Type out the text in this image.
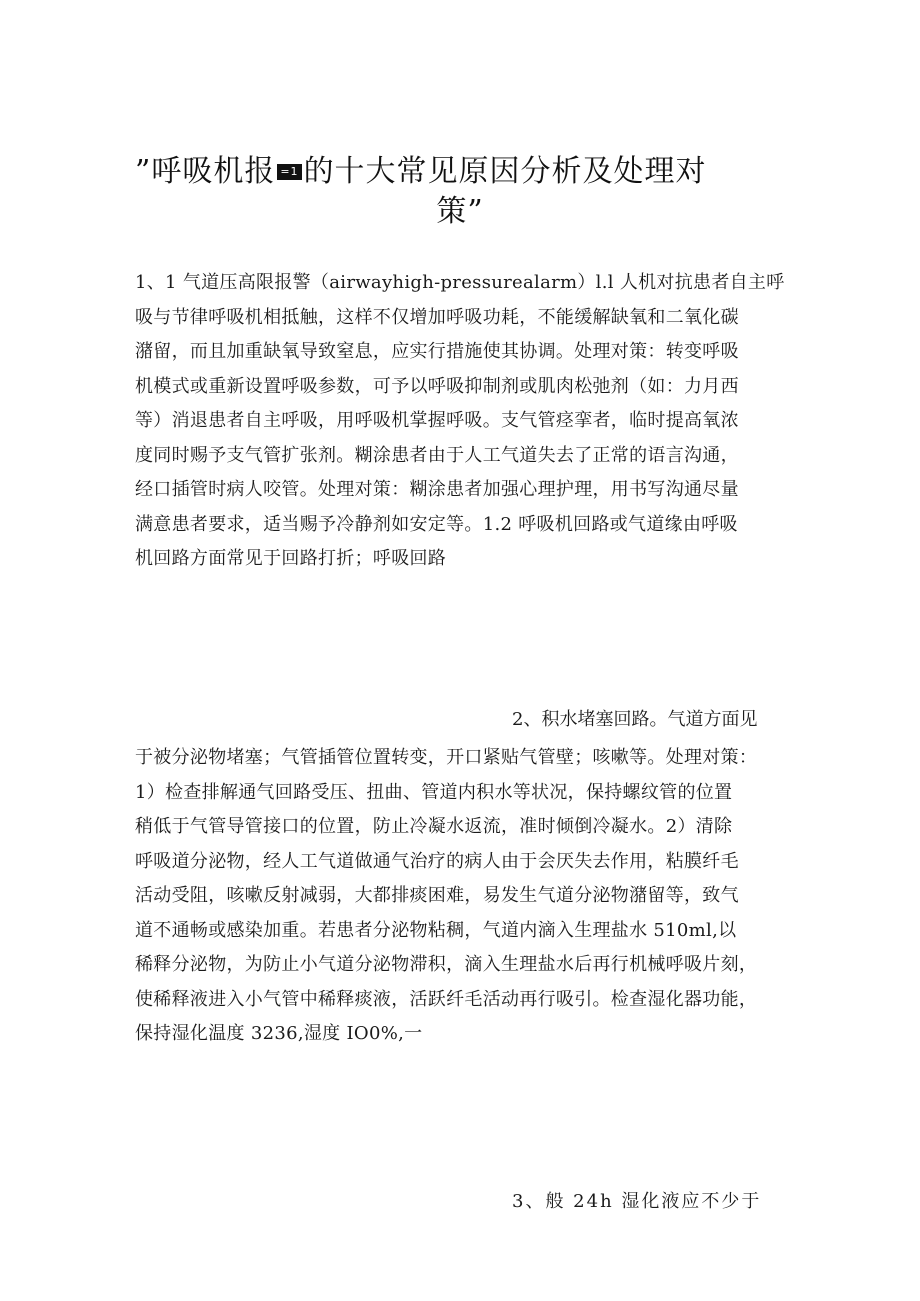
”呼吸机报 =1 的十大常见原因分析及处理对
策”
1、1 气道压高限报警（airwayhigh-pressurealarm）l.l 人机对抗患者自主呼
吸与节律呼吸机相抵触，这样不仅增加呼吸功耗，不能缓解缺氧和二氧化碳
潴留，而且加重缺氧导致窒息，应实行措施使其协调。处理对策：转变呼吸
机模式或重新设置呼吸参数，可予以呼吸抑制剂或肌肉松弛剂（如：力月西
等）消退患者自主呼吸，用呼吸机掌握呼吸。支气管痉挛者，临时提高氧浓
度同时赐予支气管扩张剂。糊涂患者由于人工气道失去了正常的语言沟通，
经口插管时病人咬管。处理对策：糊涂患者加强心理护理，用书写沟通尽量
满意患者要求，适当赐予冷静剂如安定等。1.2 呼吸机回路或气道缘由呼吸
机回路方面常见于回路打折；呼吸回路
2、积水堵塞回路。气道方面见
于被分泌物堵塞；气管插管位置转变，开口紧贴气管壁；咳嗽等。处理对策：
1）检查排解通气回路受压、扭曲、管道内积水等状况，保持螺纹管的位置
稍低于气管导管接口的位置，防止冷凝水返流，准时倾倒冷凝水。2）清除
呼吸道分泌物，经人工气道做通气治疗的病人由于会厌失去作用，粘膜纤毛
活动受阻，咳嗽反射减弱，大都排痰困难，易发生气道分泌物潴留等，致气
道不通畅或感染加重。若患者分泌物粘稠，气道内滴入生理盐水 510ml,以
稀释分泌物，为防止小气道分泌物滞积，滴入生理盐水后再行机械呼吸片刻，
使稀释液进入小气管中稀释痰液，活跃纤毛活动再行吸引。检查湿化器功能，
保持湿化温度 3236,湿度 IO0%,一
3、般 24h 湿化液应不少于
